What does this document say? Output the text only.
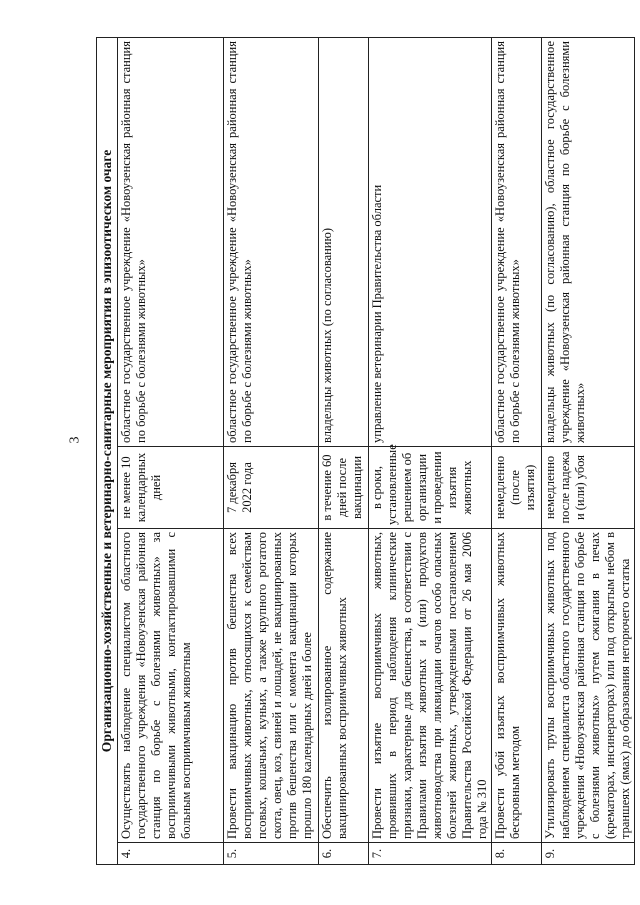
3 Организационно-хозяйственные и ветеринарно-санитарные мероприятия в эпизоотическом очаге			
4.	Осуществлять наблюдение специалистом областного государственного учреждения «Новоузенская районная станция по борьбе с болезнями животных» за восприимчивыми животными, контактировавшими с больным восприимчивым животным	не менее 10 календарных дней	областное государственное учреждение «Новоузенская районная станция по борьбе с болезнями животных»
5.	Провести вакцинацию против бешенства всех восприимчивых животных, относящихся к семействам псовых, кошачьих, куньих, а также крупного рогатого скота, овец, коз, свиней и лошадей, не вакцинированных против бешенства или с момента вакцинации которых прошло 180 календарных дней и более	7 декабря 2022 года	областное государственное учреждение «Новоузенская районная станция по борьбе с болезнями животных»
6.	Обеспечить изолированное содержание вакцинированных восприимчивых животных	в течение 60 дней после вакцинации	владельцы животных (по согласованию)
7.	Провести изъятие восприимчивых животных, проявивших в период наблюдения клинические признаки, характерные для бешенства, в соответствии с Правилами изъятия животных и (или) продуктов животноводства при ликвидации очагов особо опасных болезней животных, утвержденными постановлением Правительства Российской Федерации от 26 мая 2006 года № 310	в сроки, установленные решением об организации и проведении изъятия животных	управление ветеринарии Правительства области
8.	Провести убой изъятых восприимчивых животных бескровным методом	немедленно (после изъятия)	областное государственное учреждение «Новоузенская районная станция по борьбе с болезнями животных»
9.	Утилизировать трупы восприимчивых животных под наблюдением специалиста областного государственного учреждения «Новоузенская районная станция по борьбе с болезнями животных» путем сжигания в печах (крематорах, инсинераторах) или под открытым небом в траншеях (ямах) до образования негорючего остатка	немедленно после падежа и (или) убоя	владельцы животных (по согласованию), областное государственное учреждение «Новоузенская районная станция по борьбе с болезнями животных»
